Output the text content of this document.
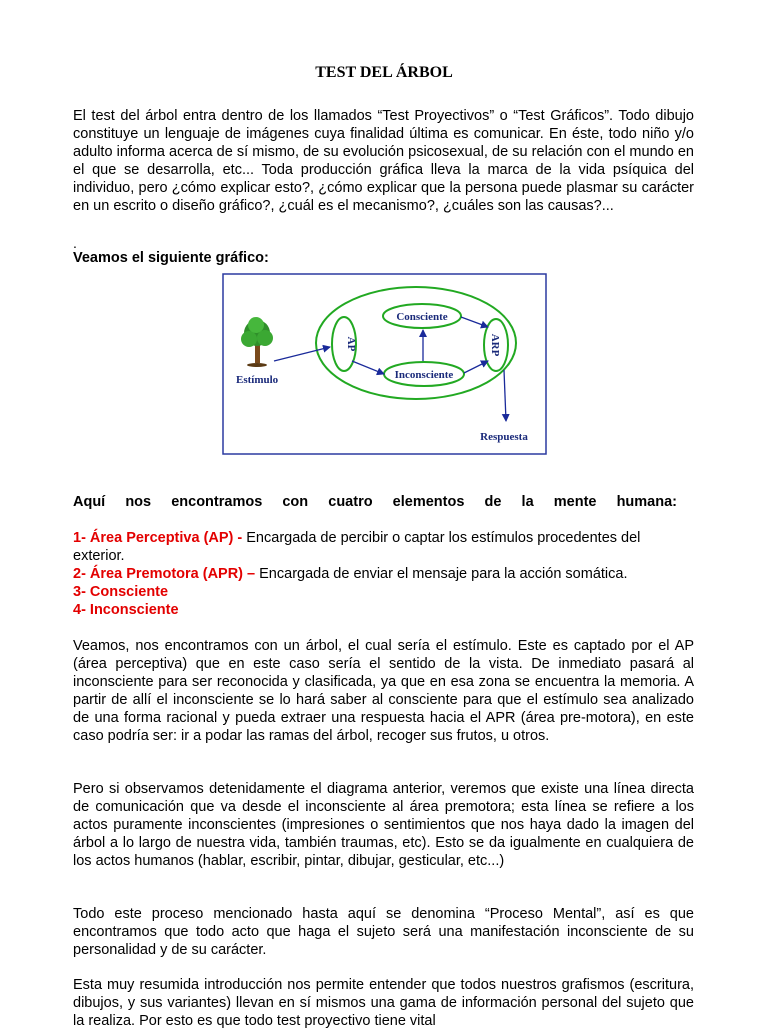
TEST DEL ÁRBOL
El test del árbol entra dentro de los llamados “Test Proyectivos” o “Test Gráficos”. Todo dibujo constituye un lenguaje de imágenes cuya finalidad última es comunicar. En éste, todo niño y/o adulto informa acerca de sí mismo, de su evolución psicosexual, de su relación con el mundo en el que se desarrolla, etc... Toda producción gráfica lleva la marca de la vida psíquica del individuo, pero ¿cómo explicar esto?, ¿cómo explicar que la persona puede plasmar su carácter en un escrito o diseño gráfico?, ¿cuál es el mecanismo?, ¿cuáles son las causas?...
.
Veamos el siguiente gráfico:
Estímulo
AP	ARP
Consciente
Inconsciente
Respuesta
Aquí nos encontramos con cuatro elementos de la mente humana:
1- Área Perceptiva (AP) - Encargada de percibir o captar los estímulos procedentes del exterior.
2- Área Premotora (APR) – Encargada de enviar el mensaje para la acción somática.
3- Consciente
4- Inconsciente
Veamos, nos encontramos con un árbol, el cual sería el estímulo. Este es captado por el AP (área perceptiva) que en este caso sería el sentido de la vista. De inmediato pasará al inconsciente para ser reconocida y clasificada, ya que en esa zona se encuentra la memoria. A partir de allí el inconsciente se lo hará saber al consciente para que el estímulo sea analizado de una forma racional y pueda extraer una respuesta hacia el APR (área pre-motora), en este caso podría ser: ir a podar las ramas del árbol, recoger sus frutos, u otros.
Pero si observamos detenidamente el diagrama anterior, veremos que existe una línea directa de comunicación que va desde el inconsciente al área premotora; esta línea se refiere a los actos puramente inconscientes (impresiones o sentimientos que nos haya dado la imagen del árbol a lo largo de nuestra vida, también traumas, etc). Esto se da igualmente en cualquiera de los actos humanos (hablar, escribir, pintar, dibujar, gesticular, etc...)
Todo este proceso mencionado hasta aquí se denomina “Proceso Mental”, así es que encontramos que todo acto que haga el sujeto será una manifestación inconsciente de su personalidad y de su carácter.
Esta muy resumida introducción nos permite entender que todos nuestros grafismos (escritura, dibujos, y sus variantes) llevan en sí mismos una gama de información personal del sujeto que la realiza. Por esto es que todo test proyectivo tiene vital
